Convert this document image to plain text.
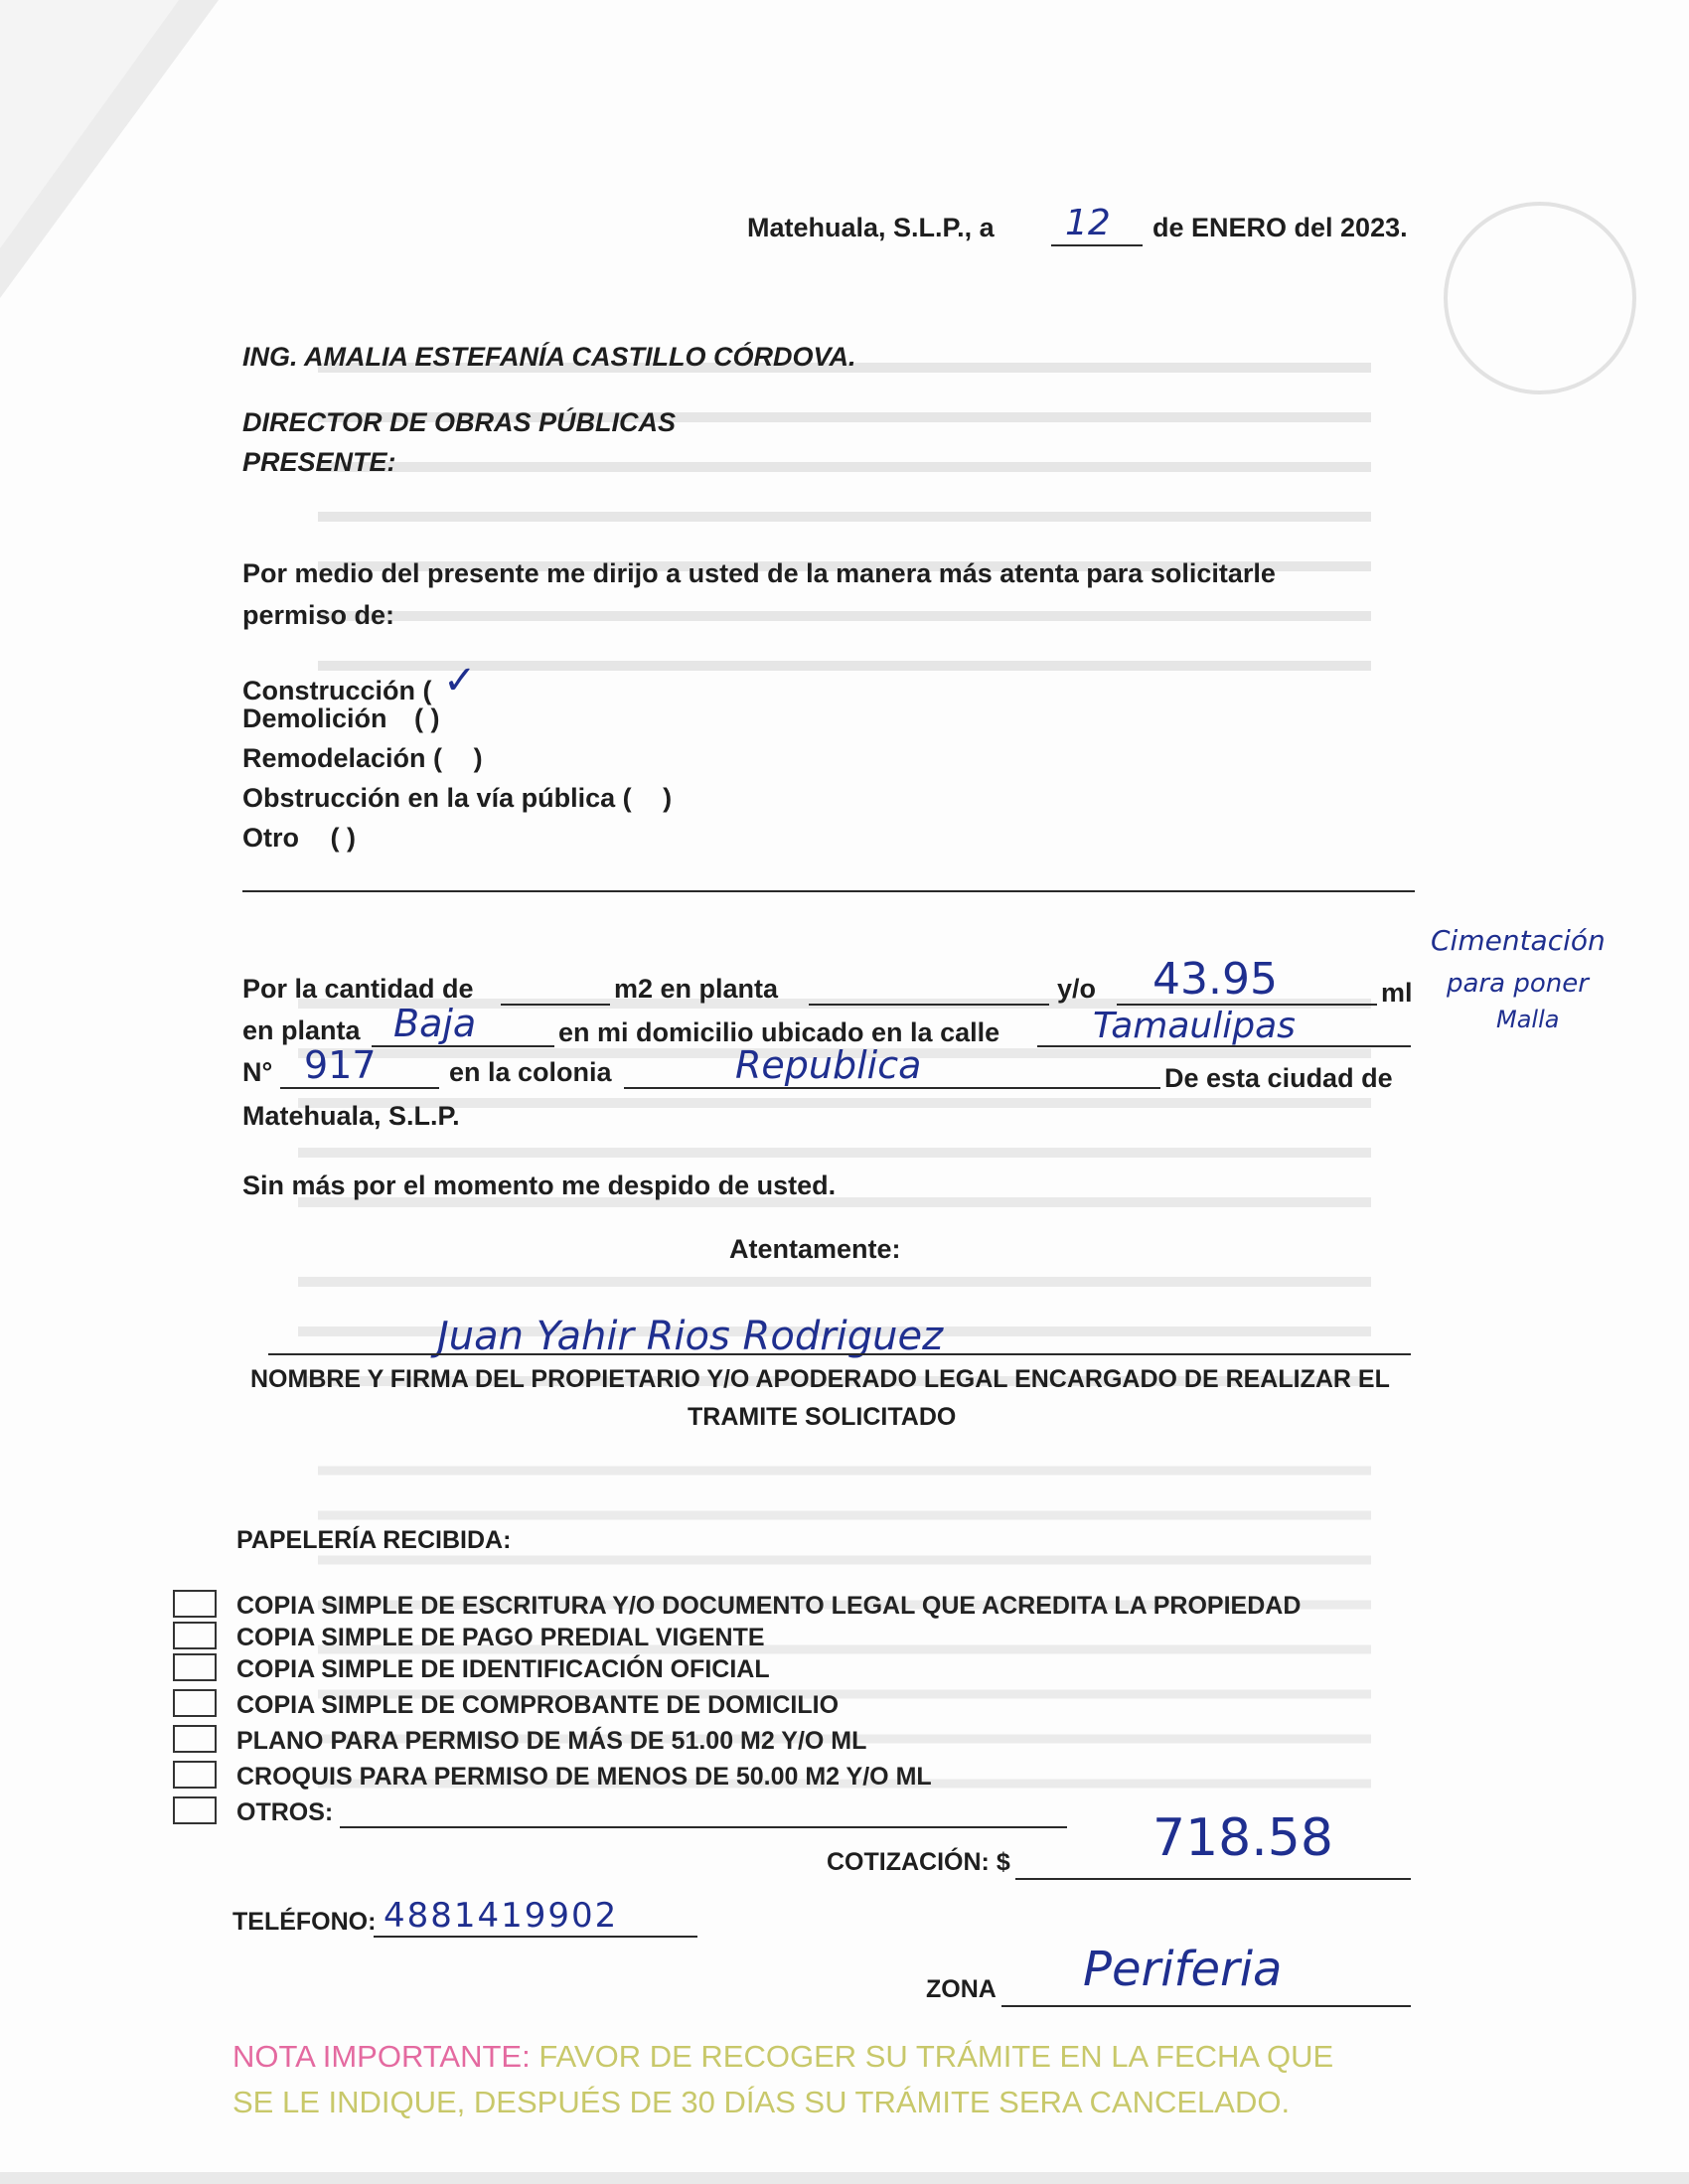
Matehuala, S.L.P., a 12 de ENERO del 2023.
ING. AMALIA ESTEFANÍA CASTILLO CÓRDOVA.
DIRECTOR DE OBRAS PÚBLICAS
PRESENTE:
Por medio del presente me dirijo a usted de la manera más atenta para solicitarle
permiso de:
Construcción ( ✓
Demolición ( )
Remodelación ( )
Obstrucción en la vía pública ( )
Otro ( )
Por la cantidad de	m2 en planta	y/o 43.95	ml
Cimentación
para poner
Malla
en planta Baja	en mi domicilio ubicado en la calle	Tamaulipas
N° 917	en la colonia	Republica	De esta ciudad de
Matehuala, S.L.P.
Sin más por el momento me despido de usted.
Atentamente:
Juan Yahir Rios Rodriguez
NOMBRE Y FIRMA DEL PROPIETARIO Y/O APODERADO LEGAL ENCARGADO DE REALIZAR EL
TRAMITE SOLICITADO
PAPELERÍA RECIBIDA:
COPIA SIMPLE DE ESCRITURA Y/O DOCUMENTO LEGAL QUE ACREDITA LA PROPIEDAD
COPIA SIMPLE DE PAGO PREDIAL VIGENTE
COPIA SIMPLE DE IDENTIFICACIÓN OFICIAL
COPIA SIMPLE DE COMPROBANTE DE DOMICILIO
PLANO PARA PERMISO DE MÁS DE 51.00 M2 Y/O ML
CROQUIS PARA PERMISO DE MENOS DE 50.00 M2 Y/O ML
OTROS:
COTIZACIÓN: $	718.58
TELÉFONO: 4881419902
ZONA Periferia
NOTA IMPORTANTE: FAVOR DE RECOGER SU TRÁMITE EN LA FECHA QUE
SE LE INDIQUE, DESPUÉS DE 30 DÍAS SU TRÁMITE SERA CANCELADO.
